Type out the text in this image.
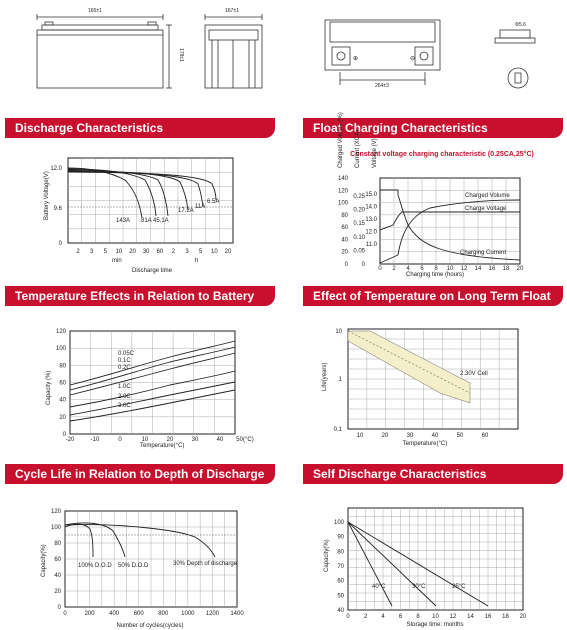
⊖
⊕
165±1	167±1
178±1
264±3
Φ5.6
Discharge Characteristics	Float Charging Characteristics
Temperature Effects in Relation to Battery Capacity
Effect of Temperature on Long Term Float Life
Cycle Life in Relation to Depth of Discharge	Self Discharge Characteristics
12.0
9.6
0
Battery Voltage(V)
2 3 5 10 20 30 60 2 3 5 10 20
min	h
Discharge time
143A 81A 45.1A
17.2A
11A
6.5A
Constant voltage charging characteristic (0.25CA,25°C)
Charged Volume (%) Current (XCA) Voltage (V)
140
120
100
80
60
40
20
0
0.25
0.20
0.15
0.10
0.05
0
15.0
14.0
13.0
12.0
11.0
0 2 4 6 8 10 12 14 16 18 20
Charged Volume
Charge Voltage
Charging Current
Charging time (hours)
120
100
80
60
40
20
0
-20	-10	0	10	20	30	40 50(°C)
0.05C
0.1C
0.2C
1.0C
2.0C
3.0C
Capacity (%)
Temperature(°C)
2.30V Cell
10
1
0.1
10	20	30	40	50	60
Life(years)
Temperature(°C)
120
100
80
60
40
20
0
0	200 400 600 800 1000 1200 1400
100% D.O.D 50% D.O.D	30% Depth of discharge
Capacity(%)
Number of cycles(cycles)
100
90
80
70
60
50
40
0 2 4 6 8 10 12 14 16 18 20
40°C	30°C	25°C
Capacity(%)
Storage time: months
